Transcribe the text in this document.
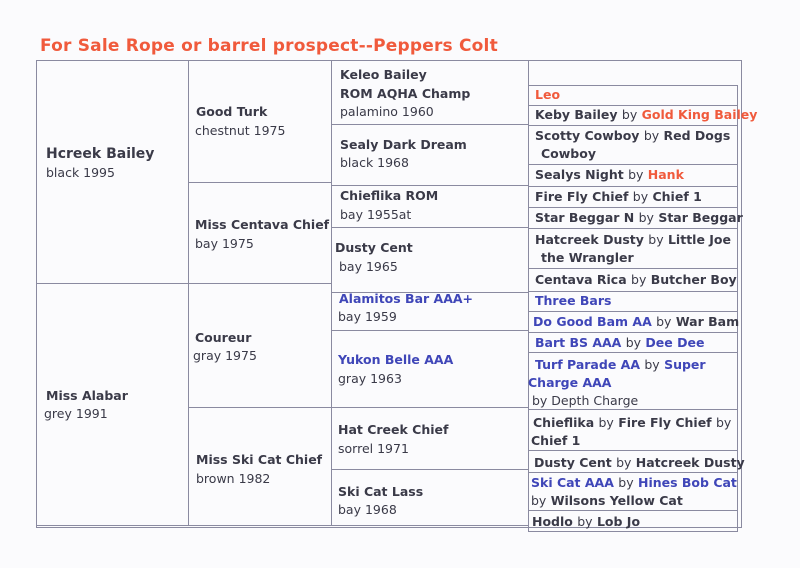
For Sale Rope or barrel prospect--Peppers Colt
Hcreek Bailey
black 1995
Miss Alabar
grey 1991
Good Turk
chestnut 1975
Miss Centava Chief
bay 1975
Coureur
gray 1975
Miss Ski Cat Chief
brown 1982
Keleo Bailey
ROM AQHA Champ
palamino 1960
Sealy Dark Dream
black 1968
Chieflika ROM
bay 1955at
Dusty Cent
bay 1965
Alamitos Bar AAA+
bay 1959
Yukon Belle AAA
gray 1963
Hat Creek Chief
sorrel 1971
Ski Cat Lass
bay 1968
Leo
Keby Bailey by Gold King Bailey
Scotty Cowboy by Red Dogs
Cowboy
Sealys Night by Hank
Fire Fly Chief by Chief 1
Star Beggar N by Star Beggar
Hatcreek Dusty by Little Joe
the Wrangler
Centava Rica by Butcher Boy
Three Bars
Do Good Bam AA by War Bam
Bart BS AAA by Dee Dee
Turf Parade AA by Super
Charge AAA
by Depth Charge
Chieflika by Fire Fly Chief by
Chief 1
Dusty Cent by Hatcreek Dusty
Ski Cat AAA by Hines Bob Cat
by Wilsons Yellow Cat
Hodlo by Lob Jo
